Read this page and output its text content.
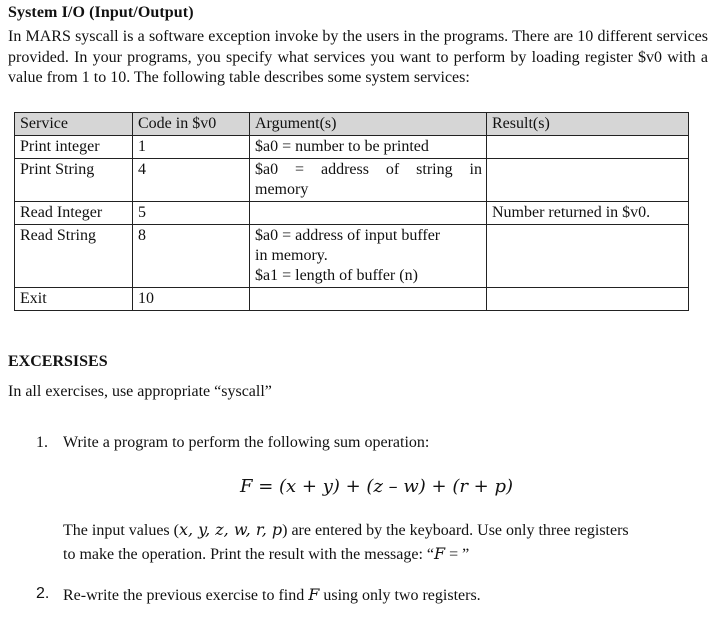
System I/O (Input/Output)

In MARS syscall is a software exception invoke by the users in the programs. There are 10 different services provided. In your programs, you specify what services you want to perform by loading register $v0 with a value from 1 to 10. The following table describes some system services:

Service	Code in $v0	Argument(s)	Result(s)
Print integer	1	$a0 = number to be printed	

Print String	4	$a0 = address of string in
memory	

Read Integer	5		Number returned in $v0.
Read String	8	$a0 = address of input buffer
in memory.
$a1 = length of buffer (n)	

Exit	10		
EXCERSISES
In all exercises, use appropriate “syscall”
1. Write a program to perform the following sum operation:
F = (x + y) + (z – w) + (r + p)
The input values (x, y, z, w, r, p) are entered by the keyboard. Use only three registers
to make the operation. Print the result with the message: “F = ”
2. Re-write the previous exercise to find F using only two registers.
